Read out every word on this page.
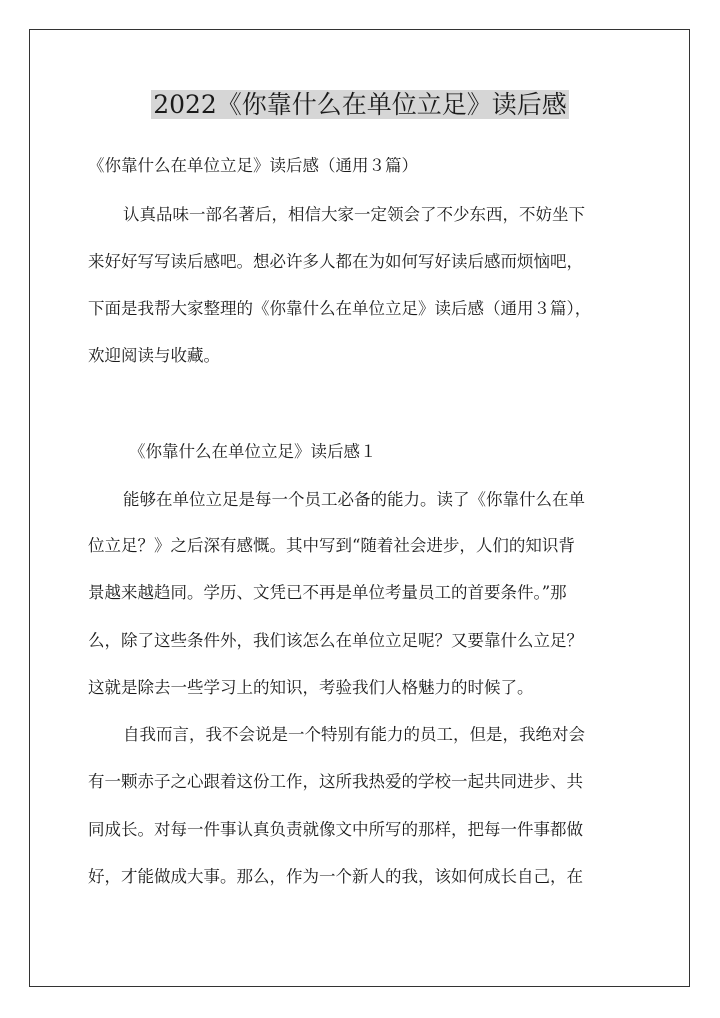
2022《你靠什么在单位立足》读后感
《你靠什么在单位立足》读后感（通用３篇）
认真品味一部名著后，相信大家一定领会了不少东西，不妨坐下
来好好写写读后感吧。想必许多人都在为如何写好读后感而烦恼吧，
下面是我帮大家整理的《你靠什么在单位立足》读后感（通用３篇），
欢迎阅读与收藏。
《你靠什么在单位立足》读后感１
能够在单位立足是每一个员工必备的能力。读了《你靠什么在单
位立足？》之后深有感慨。其中写到“随着社会进步，人们的知识背
景越来越趋同。学历、文凭已不再是单位考量员工的首要条件。”那
么，除了这些条件外，我们该怎么在单位立足呢？又要靠什么立足？
这就是除去一些学习上的知识，考验我们人格魅力的时候了。
自我而言，我不会说是一个特别有能力的员工，但是，我绝对会
有一颗赤子之心跟着这份工作，这所我热爱的学校一起共同进步、共
同成长。对每一件事认真负责就像文中所写的那样，把每一件事都做
好，才能做成大事。那么，作为一个新人的我，该如何成长自己，在
